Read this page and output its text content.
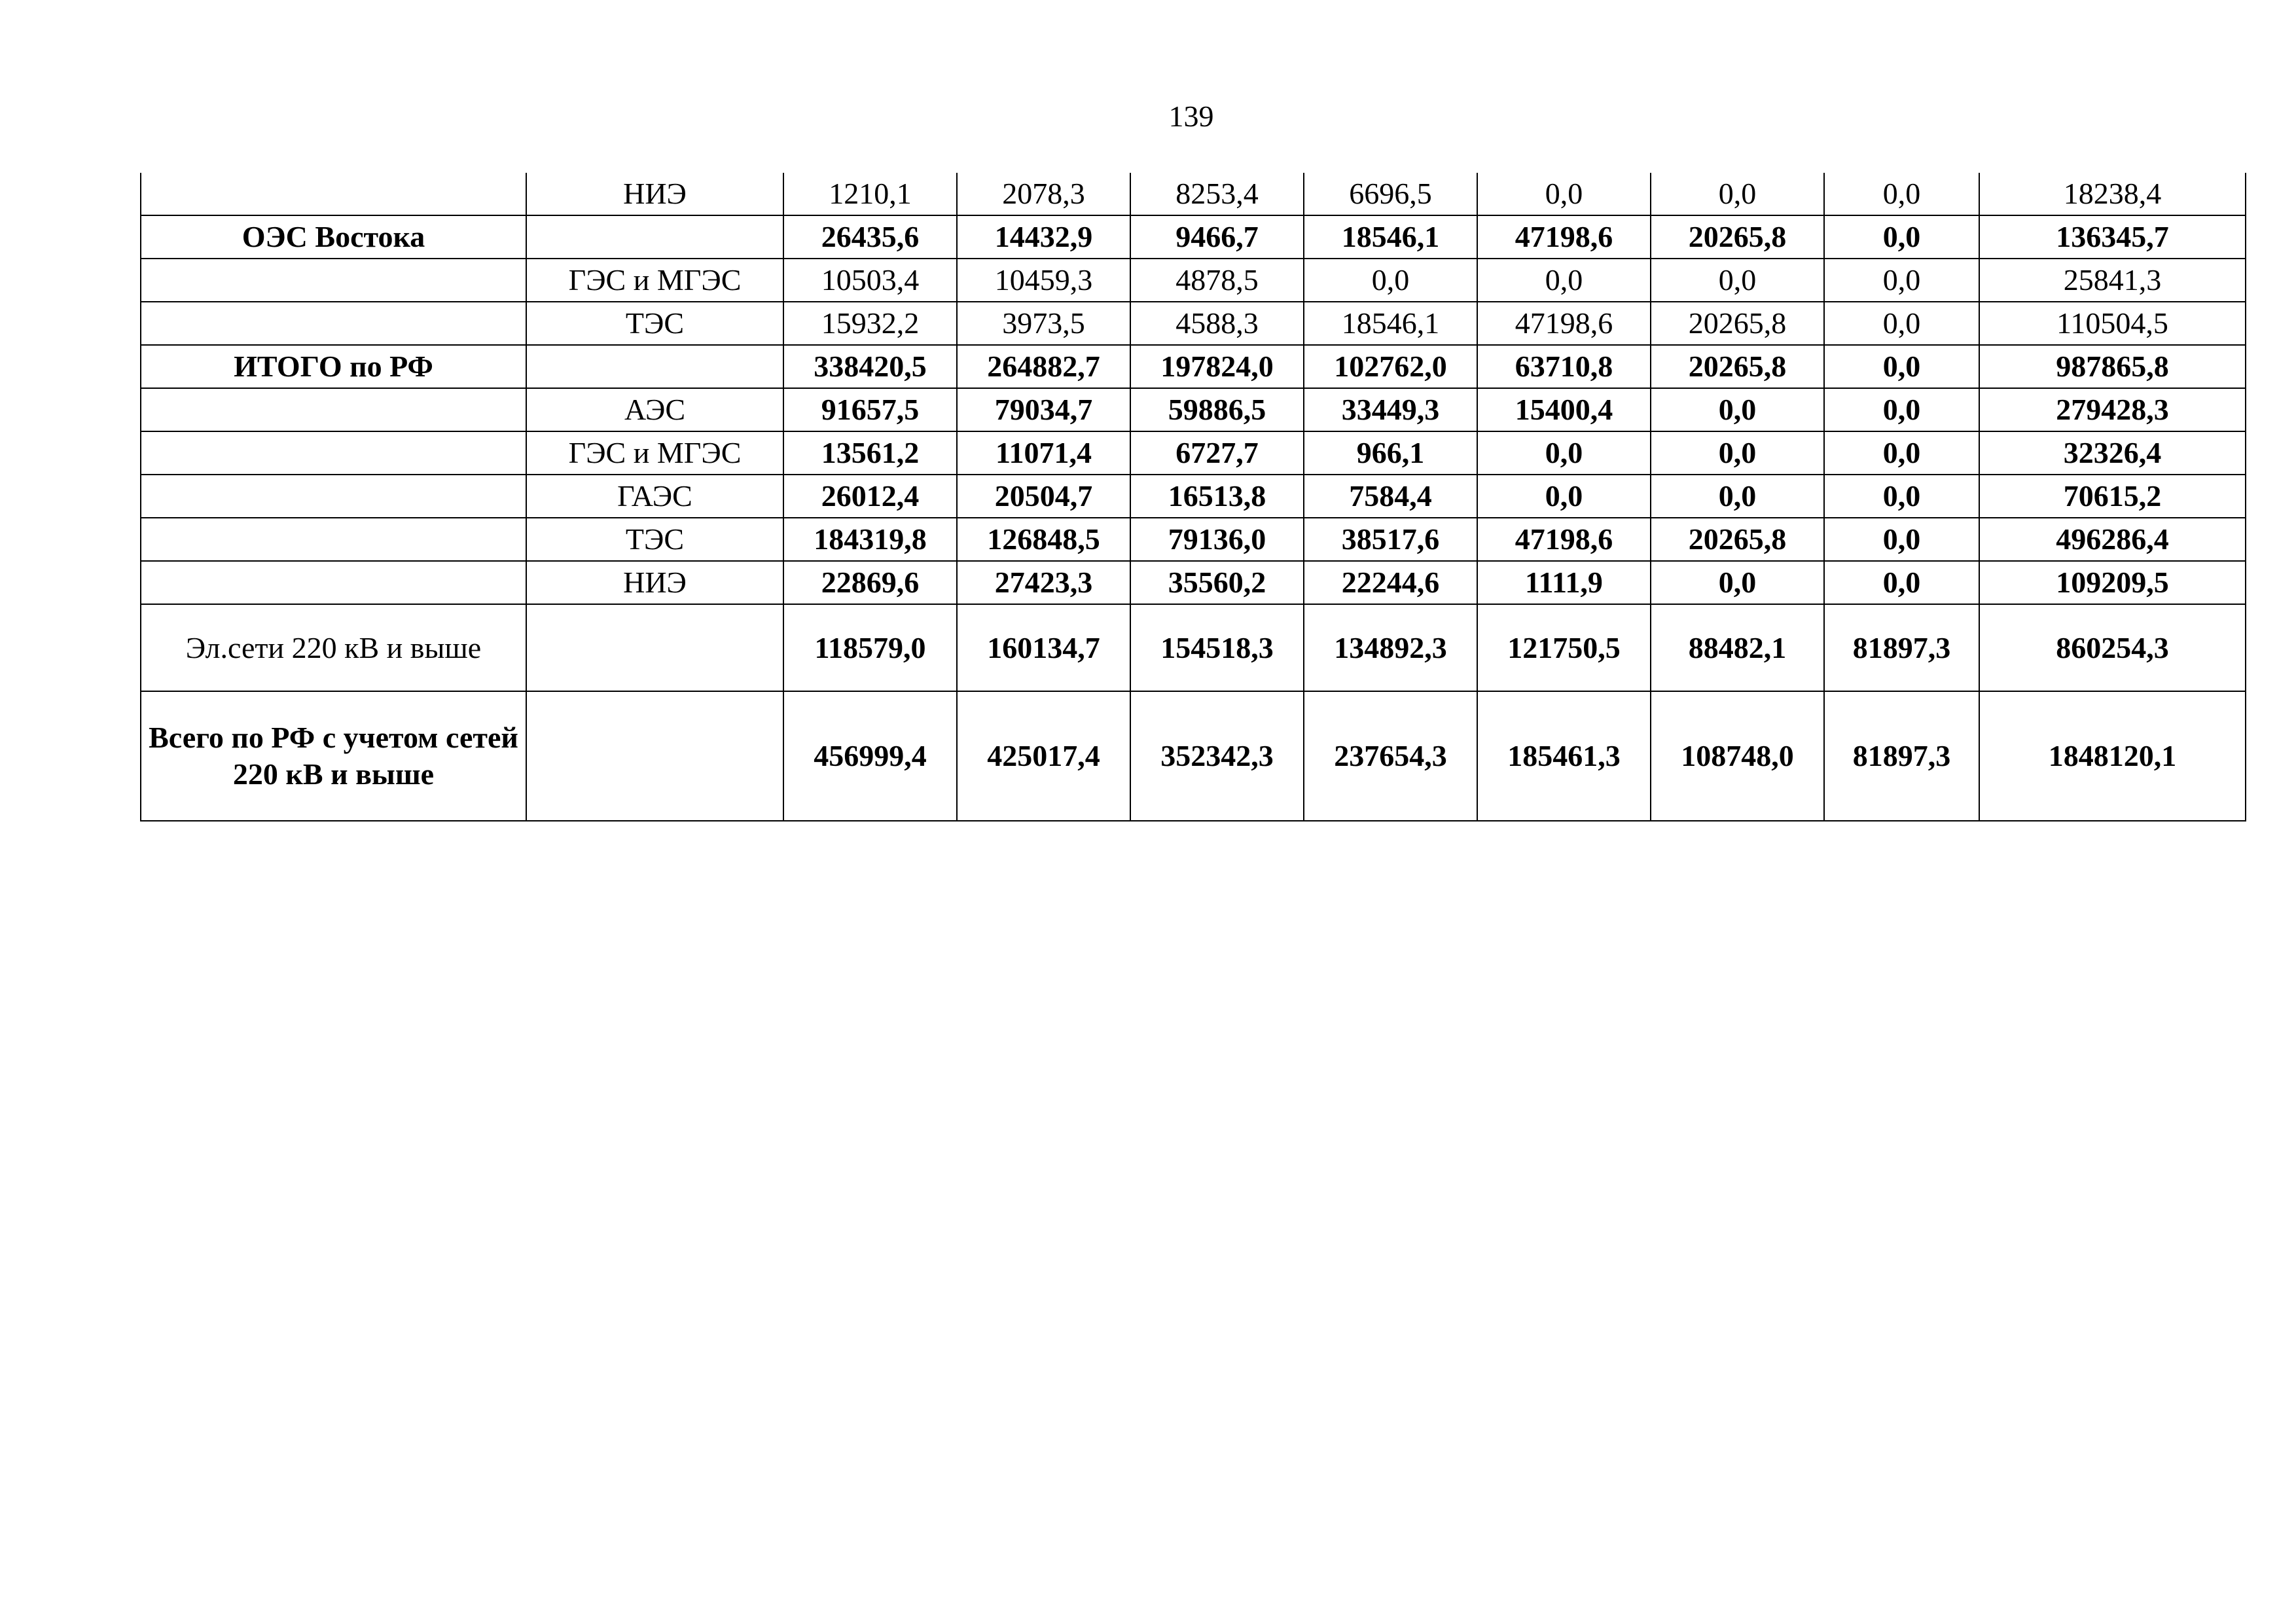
139
	НИЭ	1210,1	2078,3	8253,4	6696,5	0,0	0,0	0,0	18238,4
ОЭС Востока		26435,6	14432,9	9466,7	18546,1	47198,6	20265,8	0,0	136345,7
	ГЭС и МГЭС	10503,4	10459,3	4878,5	0,0	0,0	0,0	0,0	25841,3
	ТЭС	15932,2	3973,5	4588,3	18546,1	47198,6	20265,8	0,0	110504,5
ИТОГО по РФ		338420,5	264882,7	197824,0	102762,0	63710,8	20265,8	0,0	987865,8
	АЭС	91657,5	79034,7	59886,5	33449,3	15400,4	0,0	0,0	279428,3
	ГЭС и МГЭС	13561,2	11071,4	6727,7	966,1	0,0	0,0	0,0	32326,4
	ГАЭС	26012,4	20504,7	16513,8	7584,4	0,0	0,0	0,0	70615,2
	ТЭС	184319,8	126848,5	79136,0	38517,6	47198,6	20265,8	0,0	496286,4
	НИЭ	22869,6	27423,3	35560,2	22244,6	1111,9	0,0	0,0	109209,5
Эл.сети 220 кВ и выше		118579,0	160134,7	154518,3	134892,3	121750,5	88482,1	81897,3	860254,3
Всего по РФ с учетом сетей 220 кВ и выше		456999,4	425017,4	352342,3	237654,3	185461,3	108748,0	81897,3	1848120,1
